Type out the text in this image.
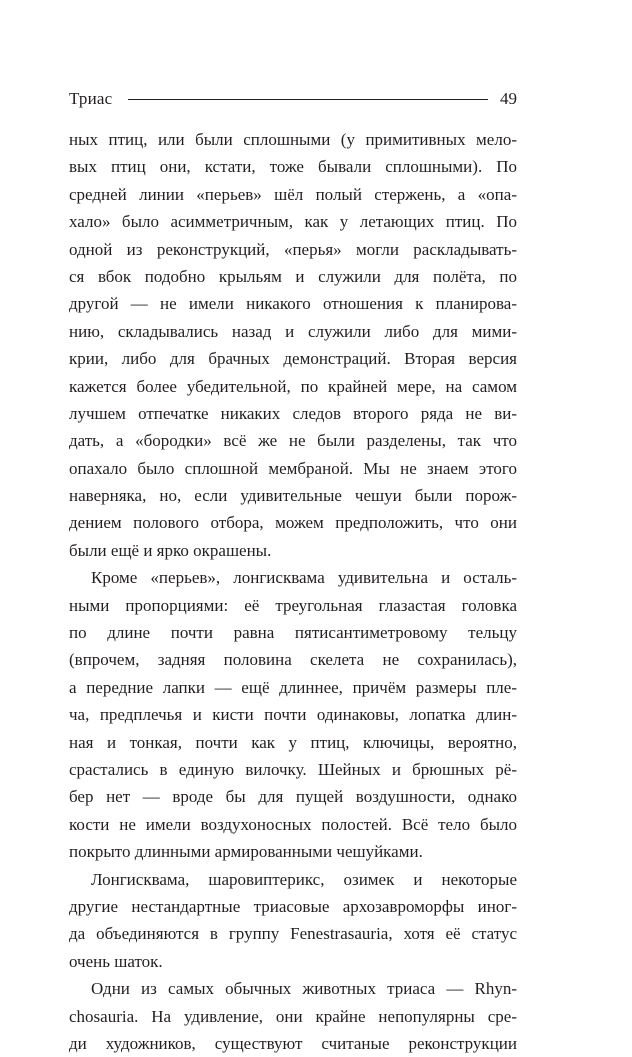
Триас	49
ных птиц, или были сплошными (у примитивных мело-
вых птиц они, кстати, тоже бывали сплошными). По
средней линии «перьев» шёл полый стержень, а «опа-
хало» было асимметричным, как у летающих птиц. По
одной из реконструкций, «перья» могли раскладывать-
ся вбок подобно крыльям и служили для полёта, по
другой — не имели никакого отношения к планирова-
нию, складывались назад и служили либо для мими-
крии, либо для брачных демонстраций. Вторая версия
кажется более убедительной, по крайней мере, на самом
лучшем отпечатке никаких следов второго ряда не ви-
дать, а «бородки» всё же не были разделены, так что
опахало было сплошной мембраной. Мы не знаем этого
наверняка, но, если удивительные чешуи были порож-
дением полового отбора, можем предположить, что они
были ещё и ярко окрашены.
Кроме «перьев», лонгисквама удивительна и осталь-
ными пропорциями: её треугольная глазастая головка
по длине почти равна пятисантиметровому тельцу
(впрочем, задняя половина скелета не сохранилась),
а передние лапки — ещё длиннее, причём размеры пле-
ча, предплечья и кисти почти одинаковы, лопатка длин-
ная и тонкая, почти как у птиц, ключицы, вероятно,
срастались в единую вилочку. Шейных и брюшных рё-
бер нет — вроде бы для пущей воздушности, однако
кости не имели воздухоносных полостей. Всё тело было
покрыто длинными армированными чешуйками.
Лонгисквама, шаровиптерикс, озимек и некоторые
другие нестандартные триасовые архозавроморфы иног-
да объединяются в группу Fenestrasauria, хотя её статус
очень шаток.
Одни из самых обычных животных триаса — Rhyn-
chosauria. На удивление, они крайне непопулярны сре-
ди художников, существуют считаные реконструкции
